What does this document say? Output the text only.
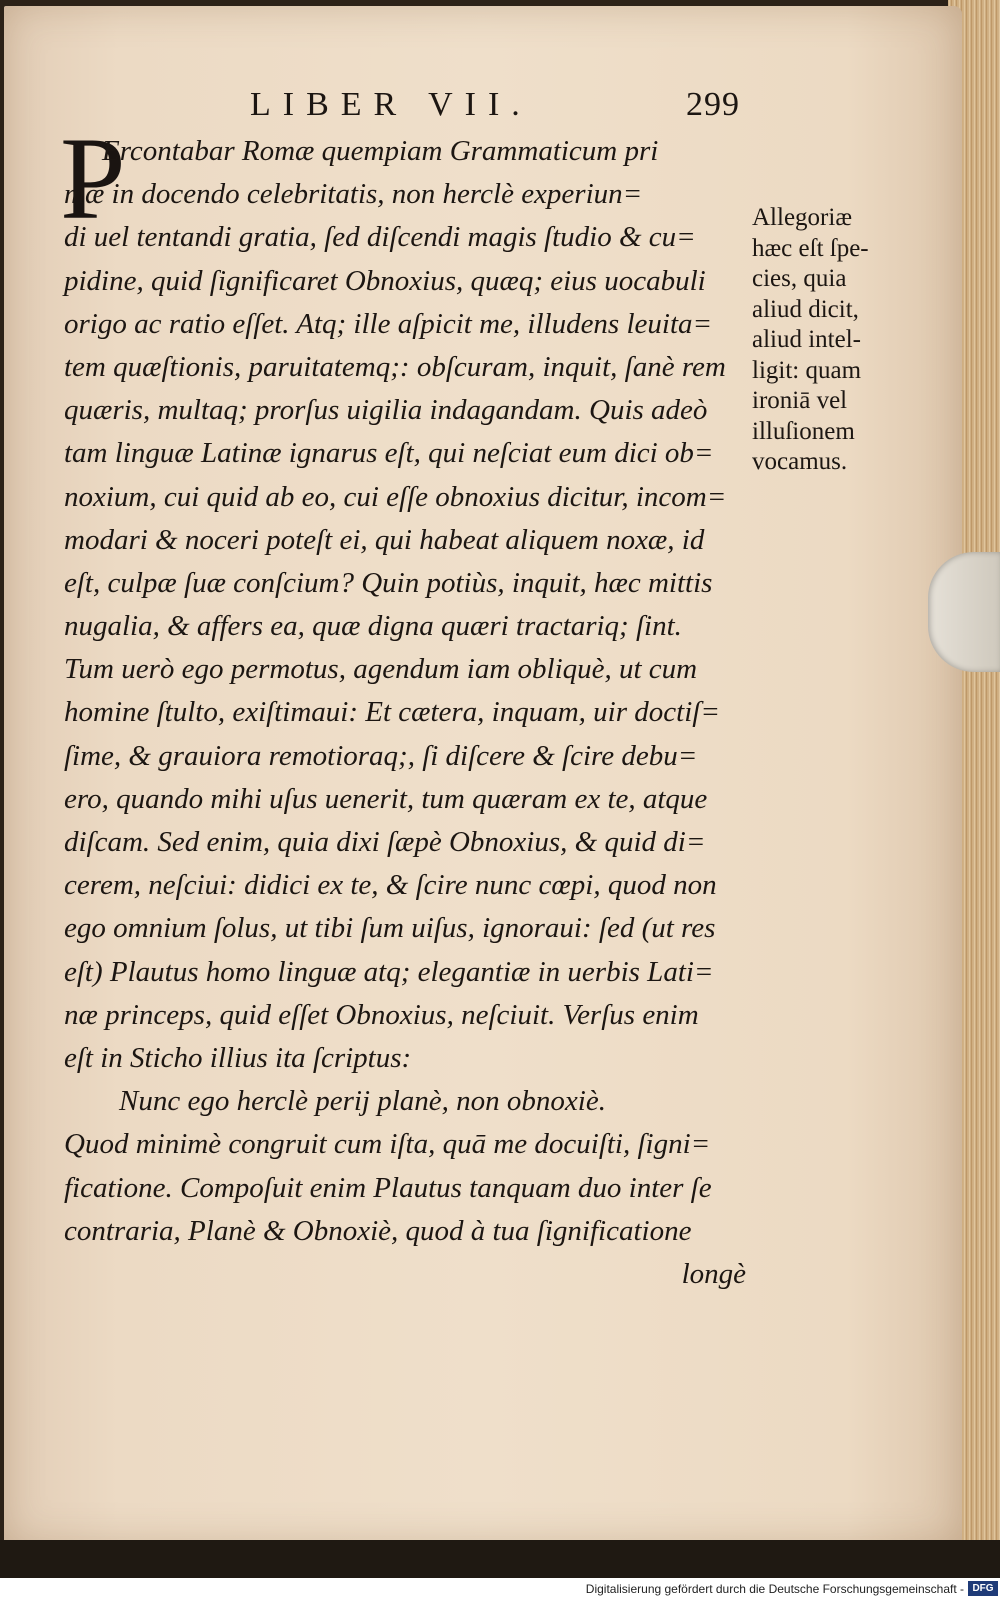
LIBER VII.	299
P
Ercontabar Romæ quempiam Grammaticum pri
mæ in docendo celebritatis, non herclè experiun=
di uel tentandi gratia, ſed diſcendi magis ſtudio & cu=
pidine, quid ſignificaret Obnoxius, quæq; eius uocabuli
origo ac ratio eſſet. Atq; ille aſpicit me, illudens leuita=
tem quæſtionis, paruitatemq;: obſcuram, inquit, ſanè rem
quæris, multaq; prorſus uigilia indagandam. Quis adeò
tam linguæ Latinæ ignarus eſt, qui neſciat eum dici ob=
noxium, cui quid ab eo, cui eſſe obnoxius dicitur, incom=
modari & noceri poteſt ei, qui habeat aliquem noxæ, id
eſt, culpæ ſuæ conſcium? Quin potiùs, inquit, hæc mittis
nugalia, & affers ea, quæ digna quæri tractariq; ſint.
Tum uerò ego permotus, agendum iam obliquè, ut cum
homine ſtulto, exiſtimaui: Et cætera, inquam, uir doctiſ=
ſime, & grauiora remotioraq;, ſi diſcere & ſcire debu=
ero, quando mihi uſus uenerit, tum quæram ex te, atque
diſcam. Sed enim, quia dixi ſæpè Obnoxius, & quid di=
cerem, neſciui: didici ex te, & ſcire nunc cœpi, quod non
ego omnium ſolus, ut tibi ſum uiſus, ignoraui: ſed (ut res
eſt) Plautus homo linguæ atq; elegantiæ in uerbis Lati=
næ princeps, quid eſſet Obnoxius, neſciuit. Verſus enim
eſt in Sticho illius ita ſcriptus:
Nunc ego herclè perij planè, non obnoxiè.
Quod minimè congruit cum iſta, quā me docuiſti, ſigni=
ficatione. Compoſuit enim Plautus tanquam duo inter ſe
contraria, Planè & Obnoxiè, quod à tua ſignificatione
longè
Allegoriæ
hæc eſt ſpe-
cies, quia
aliud dicit,
aliud intel-
ligit: quam
ironiā vel
illuſionem
vocamus.
Digitalisierung gefördert durch die Deutsche Forschungsgemeinschaft - DFG
